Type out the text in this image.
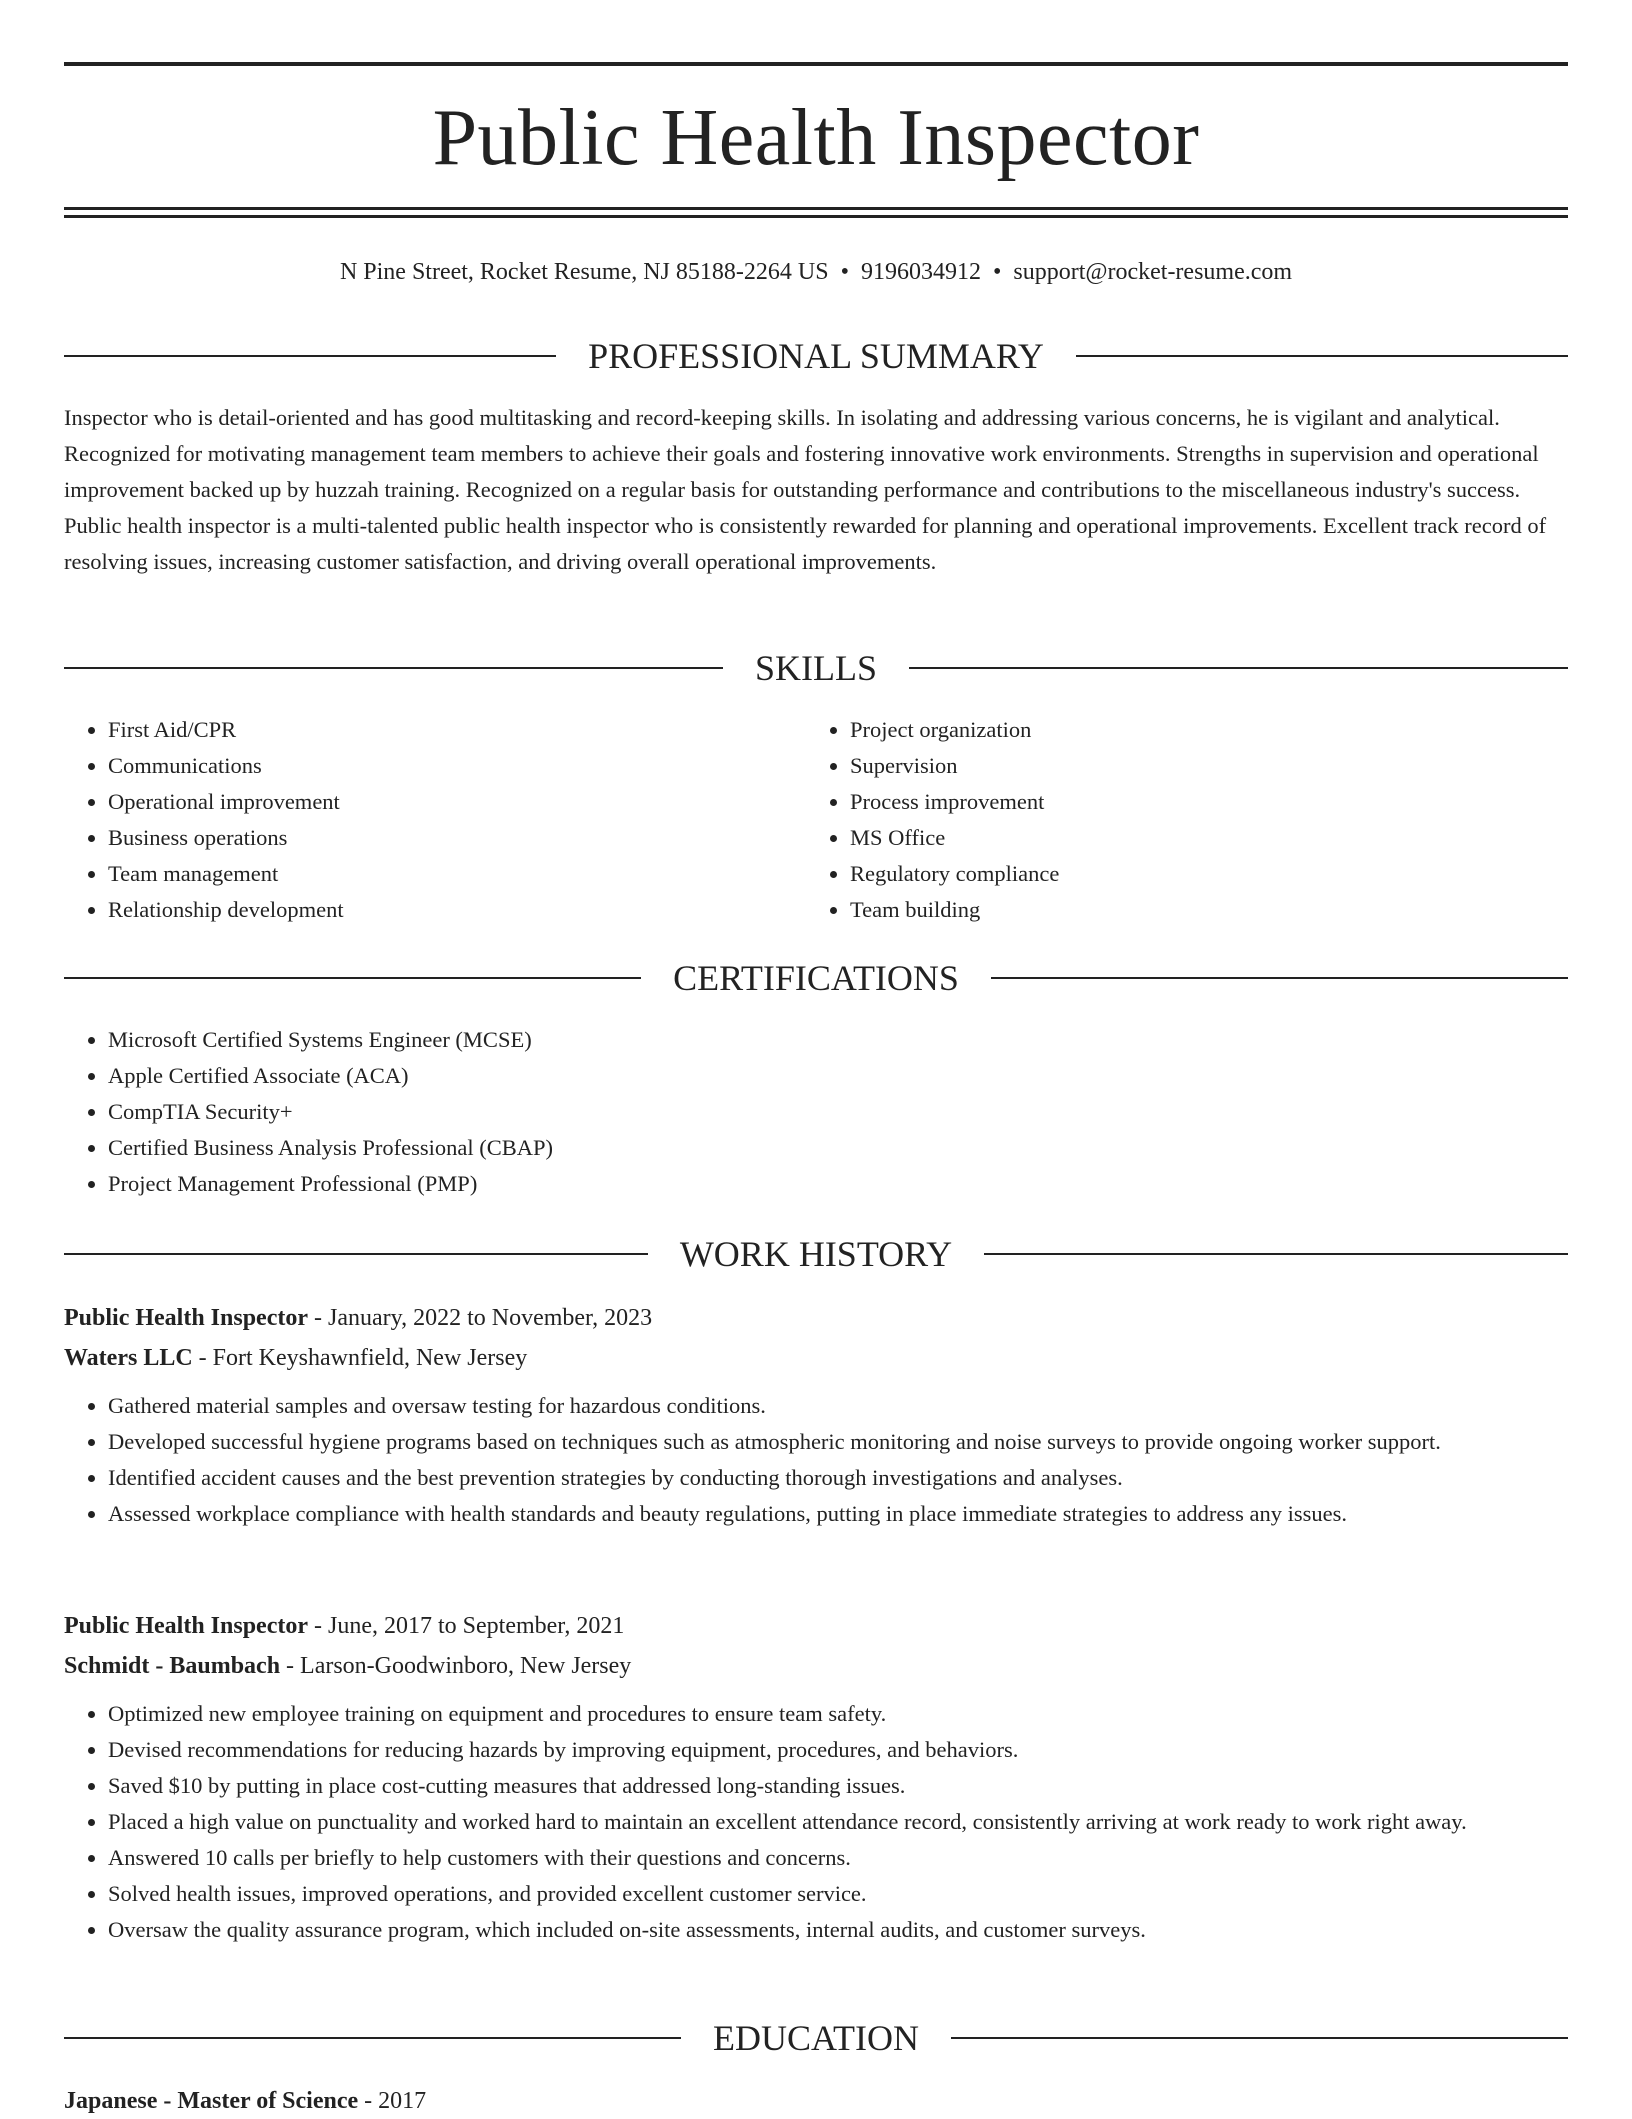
Public Health Inspector
N Pine Street, Rocket Resume, NJ 85188-2264 US • 9196034912 • support@rocket-resume.com
PROFESSIONAL SUMMARY

Inspector who is detail-oriented and has good multitasking and record-keeping skills. In isolating and addressing various concerns, he is vigilant and analytical. Recognized for motivating management team members to achieve their goals and fostering innovative work environments. Strengths in supervision and operational improvement backed up by huzzah training. Recognized on a regular basis for outstanding performance and contributions to the miscellaneous industry's success. Public health inspector is a multi-talented public health inspector who is consistently rewarded for planning and operational improvements. Excellent track record of resolving issues, increasing customer satisfaction, and driving overall operational improvements.

SKILLS
• First Aid/CPR
• Communications
• Operational improvement
• Business operations
• Team management
• Relationship development
• Project organization
• Supervision
• Process improvement
• MS Office
• Regulatory compliance
• Team building
CERTIFICATIONS
• Microsoft Certified Systems Engineer (MCSE)
• Apple Certified Associate (ACA)
• CompTIA Security+
• Certified Business Analysis Professional (CBAP)
• Project Management Professional (PMP)
WORK HISTORY
Public Health Inspector - January, 2022 to November, 2023
Waters LLC - Fort Keyshawnfield, New Jersey
• Gathered material samples and oversaw testing for hazardous conditions.
• Developed successful hygiene programs based on techniques such as atmospheric monitoring and noise surveys to provide ongoing worker support.
• Identified accident causes and the best prevention strategies by conducting thorough investigations and analyses.
• Assessed workplace compliance with health standards and beauty regulations, putting in place immediate strategies to address any issues.
Public Health Inspector - June, 2017 to September, 2021
Schmidt - Baumbach - Larson-Goodwinboro, New Jersey
• Optimized new employee training on equipment and procedures to ensure team safety.
• Devised recommendations for reducing hazards by improving equipment, procedures, and behaviors.
• Saved $10 by putting in place cost-cutting measures that addressed long-standing issues.
• Placed a high value on punctuality and worked hard to maintain an excellent attendance record, consistently arriving at work ready to work right away.
• Answered 10 calls per briefly to help customers with their questions and concerns.
• Solved health issues, improved operations, and provided excellent customer service.
• Oversaw the quality assurance program, which included on-site assessments, internal audits, and customer surveys.
EDUCATION
Japanese - Master of Science - 2017
